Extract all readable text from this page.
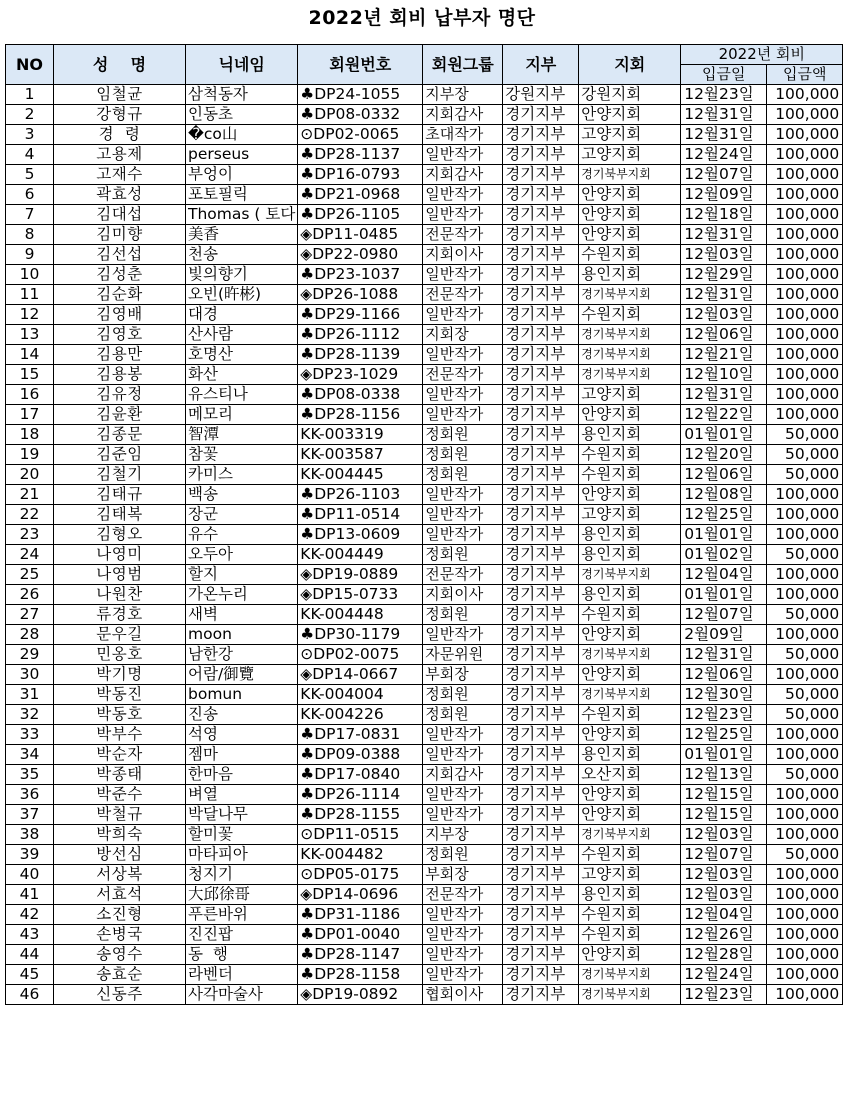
2022년 회비 납부자 명단
NO	성    명	닉네임	회원번호	회원그룹	지부	지회	2022년 회비	
							입금일	입금액
1	임철균	삼척동자	♣DP24-1055	지부장	강원지부	강원지회	12월23일	100,000
2	강형규	인동초	♣DP08-0332	지회감사	경기지부	안양지회	12월31일	100,000
3	경  령	�co山	⊙DP02-0065	초대작가	경기지부	고양지회	12월31일	100,000
4	고용제	perseus	♣DP28-1137	일반작가	경기지부	고양지회	12월24일	100,000
5	고재수	부엉이	♣DP16-0793	지회감사	경기지부	경기북부지회	12월07일	100,000
6	곽효성	포토필릭	♣DP21-0968	일반작가	경기지부	안양지회	12월09일	100,000
7	김대섭	Thomas ( 토다	♣DP26-1105	일반작가	경기지부	안양지회	12월18일	100,000
8	김미향	美香	◈DP11-0485	전문작가	경기지부	안양지회	12월31일	100,000
9	김선섭	천송	◈DP22-0980	지회이사	경기지부	수원지회	12월03일	100,000
10	김성춘	빛의향기	♣DP23-1037	일반작가	경기지부	용인지회	12월29일	100,000
11	김순화	오빈(旿彬)	◈DP26-1088	전문작가	경기지부	경기북부지회	12월31일	100,000
12	김영배	대경	♣DP29-1166	일반작가	경기지부	수원지회	12월03일	100,000
13	김영호	산사람	♣DP26-1112	지회장	경기지부	경기북부지회	12월06일	100,000
14	김용만	호명산	♣DP28-1139	일반작가	경기지부	경기북부지회	12월21일	100,000
15	김용봉	화산	◈DP23-1029	전문작가	경기지부	경기북부지회	12월10일	100,000
16	김유정	유스티나	♣DP08-0338	일반작가	경기지부	고양지회	12월31일	100,000
17	김윤환	메모리	♣DP28-1156	일반작가	경기지부	안양지회	12월22일	100,000
18	김종문	智潭	KK-003319	정회원	경기지부	용인지회	01월01일	50,000
19	김준임	참꽃	KK-003587	정회원	경기지부	수원지회	12월20일	50,000
20	김철기	카미스	KK-004445	정회원	경기지부	수원지회	12월06일	50,000
21	김태규	백송	♣DP26-1103	일반작가	경기지부	안양지회	12월08일	100,000
22	김태복	장군	♣DP11-0514	일반작가	경기지부	고양지회	12월25일	100,000
23	김형오	유수	♣DP13-0609	일반작가	경기지부	용인지회	01월01일	100,000
24	나영미	오두아	KK-004449	정회원	경기지부	용인지회	01월02일	50,000
25	나영범	할지	◈DP19-0889	전문작가	경기지부	경기북부지회	12월04일	100,000
26	나원찬	가온누리	◈DP15-0733	지회이사	경기지부	용인지회	01월01일	100,000
27	류경호	새벽	KK-004448	정회원	경기지부	수원지회	12월07일	50,000
28	문우길	moon	♣DP30-1179	일반작가	경기지부	안양지회	2월09일	100,000
29	민옹호	남한강	⊙DP02-0075	자문위원	경기지부	경기북부지회	12월31일	50,000
30	박기명	어람/御覽	◈DP14-0667	부회장	경기지부	안양지회	12월06일	100,000
31	박동진	bomun	KK-004004	정회원	경기지부	경기북부지회	12월30일	50,000
32	박동호	진송	KK-004226	정회원	경기지부	수원지회	12월23일	50,000
33	박부수	석영	♣DP17-0831	일반작가	경기지부	안양지회	12월25일	100,000
34	박순자	젬마	♣DP09-0388	일반작가	경기지부	용인지회	01월01일	100,000
35	박종태	한마음	♣DP17-0840	지회감사	경기지부	오산지회	12월13일	50,000
36	박준수	벼열	♣DP26-1114	일반작가	경기지부	안양지회	12월15일	100,000
37	박철규	박달나무	♣DP28-1155	일반작가	경기지부	안양지회	12월15일	100,000
38	박희숙	할미꽃	⊙DP11-0515	지부장	경기지부	경기북부지회	12월03일	100,000
39	방선심	마타피아	KK-004482	정회원	경기지부	수원지회	12월07일	50,000
40	서상복	청지기	⊙DP05-0175	부회장	경기지부	고양지회	12월03일	100,000
41	서효석	大邱徐哥	◈DP14-0696	전문작가	경기지부	용인지회	12월03일	100,000
42	소진형	푸른바위	♣DP31-1186	일반작가	경기지부	수원지회	12월04일	100,000
43	손병국	진진팝	♣DP01-0040	일반작가	경기지부	수원지회	12월26일	100,000
44	송영수	동  행	♣DP28-1147	일반작가	경기지부	안양지회	12월28일	100,000
45	송효순	라벤더	♣DP28-1158	일반작가	경기지부	경기북부지회	12월24일	100,000
46	신동주	사각마술사	◈DP19-0892	협회이사	경기지부	경기북부지회	12월23일	100,000
